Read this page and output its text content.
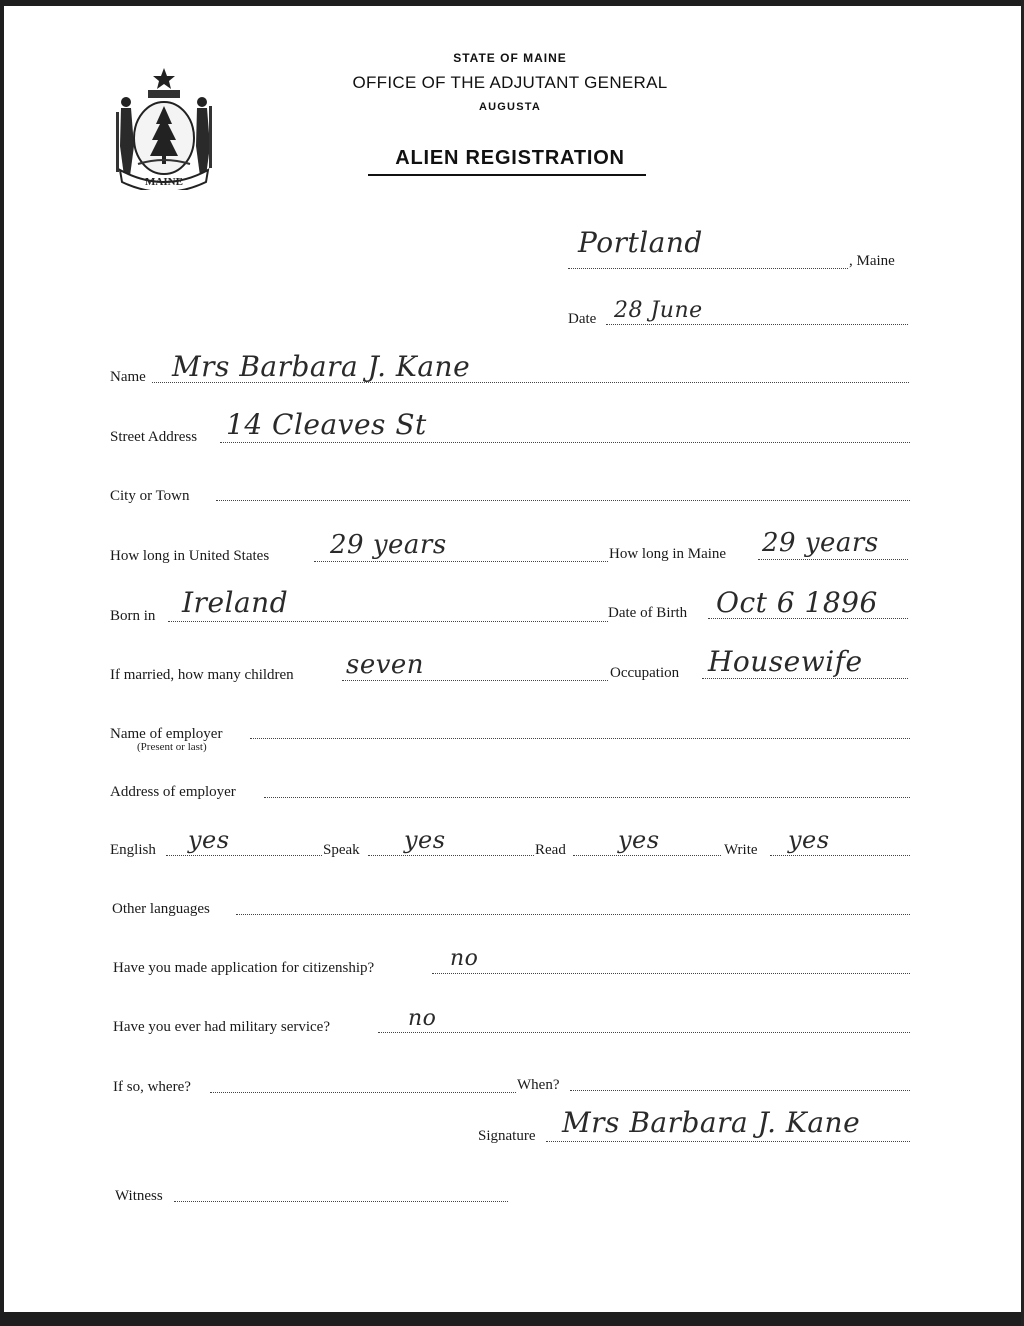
MAINE
STATE OF MAINE
OFFICE OF THE ADJUTANT GENERAL
AUGUSTA
ALIEN REGISTRATION
Portland
, Maine
Date 28 June
Name Mrs Barbara J. Kane
Street Address 14 Cleaves St
City or Town
How long in United States 29 years	How long in Maine 29 years
Born in Ireland	Date of Birth Oct 6 1896
If married, how many children seven	Occupation Housewife
Name of employer
(Present or last)
Address of employer
English yes	Speak yes	Read yes	Write yes
Other languages
Have you made application for citizenship?	no
Have you ever had military service?	no
If so, where?	When?
Signature Mrs Barbara J. Kane
Witness
